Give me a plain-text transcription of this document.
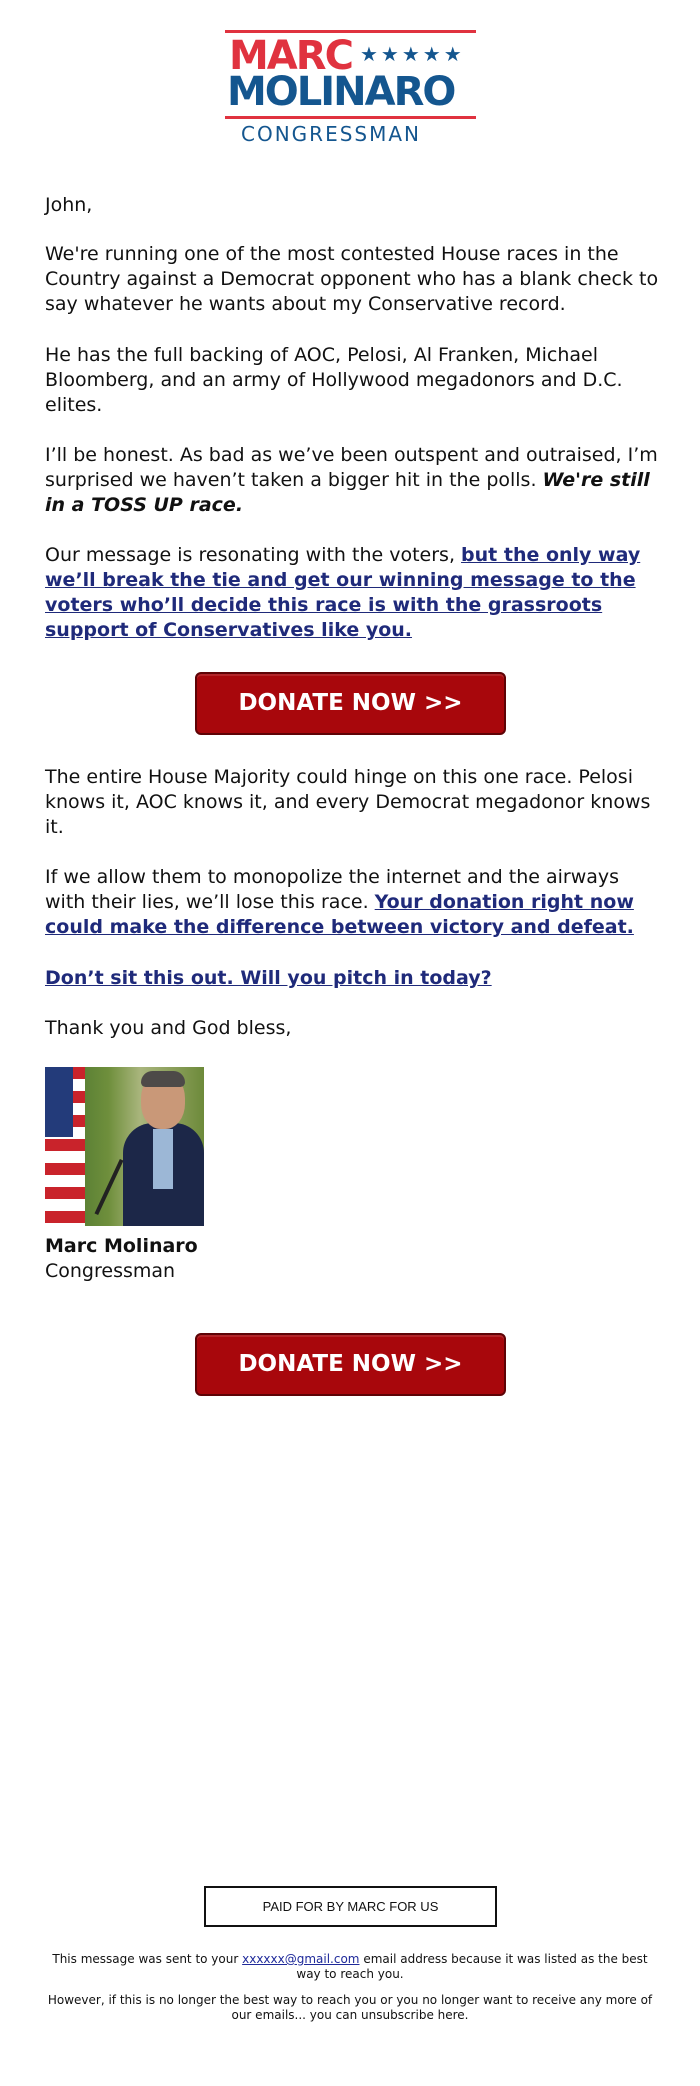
MARC ★★★★★
MOLINARO
CONGRESSMAN

John,

We're running one of the most contested House races in the Country against a Democrat opponent who has a blank check to say whatever he wants about my Conservative record.

He has the full backing of AOC, Pelosi, Al Franken, Michael Bloomberg, and an army of Hollywood megadonors and D.C. elites.

I’ll be honest. As bad as we’ve been outspent and outraised, I’m surprised we haven’t taken a bigger hit in the polls. We're still in a TOSS UP race.

Our message is resonating with the voters, but the only way we’ll break the tie and get our winning message to the voters who’ll decide this race is with the grassroots support of Conservatives like you.

DONATE NOW >>

The entire House Majority could hinge on this one race. Pelosi knows it, AOC knows it, and every Democrat megadonor knows it.

If we allow them to monopolize the internet and the airways with their lies, we’ll lose this race. Your donation right now could make the difference between victory and defeat.

Don’t sit this out. Will you pitch in today?

Thank you and God bless,

Marc Molinaro
Congressman
DONATE NOW >>
PAID FOR BY MARC FOR US
This message was sent to your xxxxxx@gmail.com email address because it was listed as the best way to reach you.
However, if this is no longer the best way to reach you or you no longer want to receive any more of our emails... you can unsubscribe here.
